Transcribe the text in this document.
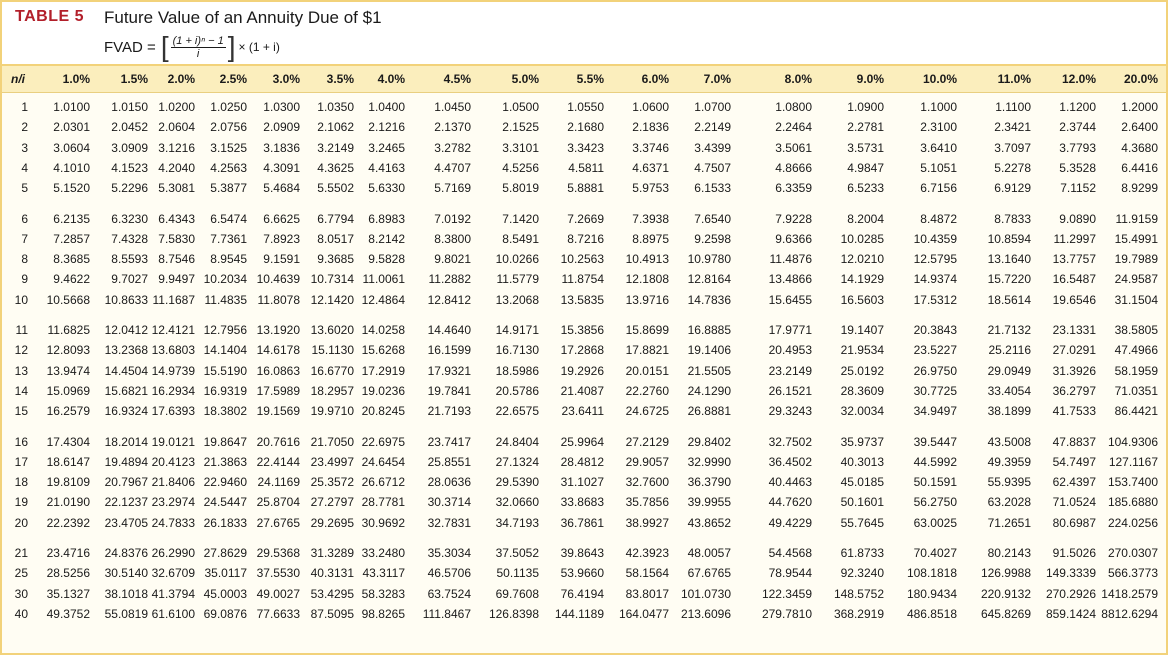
TABLE 5 Future Value of an Annuity Due of $1
FVAD = [ $\frac{\text{(1 + i)ⁿ − 1}}{i}$ ] × (1 + i)
n/i	1.0%	1.5% 2.0% 2.5% 3.0% 3.5% 4.0%	4.5%	5.0%	5.5%	6.0%	7.0%	8.0%	9.0%	10.0%	11.0%	12.0% 20.0%
1 1.0100 1.0150 1.0200 1.0250 1.0300 1.0350 1.0400 1.0450	1.0500 1.0550 1.0600 1.0700	1.0800	1.0900	1.1000	1.1100 1.1200 1.2000
2 2.0301 2.0452 2.0604 2.0756 2.0909 2.1062 2.1216 2.1370	2.1525 2.1680 2.1836 2.2149	2.2464	2.2781	2.3100	2.3421 2.3744 2.6400
3 3.0604 3.0909 3.1216 3.1525 3.1836 3.2149 3.2465 3.2782	3.3101 3.3423 3.3746 3.4399	3.5061	3.5731	3.6410	3.7097 3.7793 4.3680
4 4.1010 4.1523 4.2040 4.2563 4.3091 4.3625 4.4163 4.4707	4.5256 4.5811 4.6371 4.7507	4.8666	4.9847	5.1051	5.2278 5.3528 6.4416
5 5.1520 5.2296 5.3081 5.3877 5.4684 5.5502 5.6330 5.7169	5.8019 5.8881 5.9753 6.1533	6.3359	6.5233	6.7156	6.9129 7.1152 8.9299
6 6.2135 6.3230 6.4343 6.5474 6.6625 6.7794 6.8983 7.0192	7.1420 7.2669 7.3938 7.6540	7.9228	8.2004	8.4872	8.7833 9.0890 11.9159
7 7.2857 7.4328 7.5830 7.7361 7.8923 8.0517 8.2142 8.3800	8.5491 8.7216 8.8975 9.2598	9.6366 10.0285 10.4359	10.8594 11.2997 15.4991
8 8.3685 8.5593 8.7546 8.9545 9.1591 9.3685 9.5828 9.8021 10.0266 10.2563 10.4913 10.9780	11.4876 12.0210 12.5795	13.1640 13.7757 19.7989
9 9.4622 9.7027 9.9497 10.2034 10.4639 10.7314 11.0061 11.2882 11.5779 11.8754 12.1808 12.8164	13.4866 14.1929 14.9374	15.7220 16.5487 24.9587
10 10.5668 10.8633 11.1687 11.4835 11.8078 12.1420 12.4864 12.8412 13.2068 13.5835 13.9716 14.7836	15.6455 16.5603 17.5312	18.5614 19.6546 31.1504
11 11.6825 12.0412 12.4121 12.7956 13.1920 13.6020 14.0258 14.4640 14.9171 15.3856 15.8699 16.8885	17.9771 19.1407 20.3843	21.7132 23.1331 38.5805
12 12.8093 13.2368 13.6803 14.1404 14.6178 15.1130 15.6268 16.1599 16.7130 17.2868 17.8821 19.1406	20.4953 21.9534 23.5227	25.2116 27.0291 47.4966
13 13.9474 14.4504 14.9739 15.5190 16.0863 16.6770 17.2919 17.9321 18.5986 19.2926 20.0151 21.5505	23.2149 25.0192 26.9750	29.0949 31.3926 58.1959
14 15.0969 15.6821 16.2934 16.9319 17.5989 18.2957 19.0236 19.7841 20.5786 21.4087 22.2760 24.1290	26.1521 28.3609 30.7725	33.4054 36.2797 71.0351
15 16.2579 16.9324 17.6393 18.3802 19.1569 19.9710 20.8245 21.7193 22.6575 23.6411 24.6725 26.8881	29.3243 32.0034 34.9497	38.1899 41.7533 86.4421
16 17.4304 18.2014 19.0121 19.8647 20.7616 21.7050 22.6975 23.7417 24.8404 25.9964 27.2129 29.8402	32.7502 35.9737 39.5447	43.5008 47.8837 104.9306
17 18.6147 19.4894 20.4123 21.3863 22.4144 23.4997 24.6454 25.8551 27.1324 28.4812 29.9057 32.9990	36.4502 40.3013 44.5992	49.3959 54.7497 127.1167
18 19.8109 20.7967 21.8406 22.9460 24.1169 25.3572 26.6712 28.0636 29.5390 31.1027 32.7600 36.3790	40.4463 45.0185 50.1591	55.9395 62.4397 153.7400
19 21.0190 22.1237 23.2974 24.5447 25.8704 27.2797 28.7781 30.3714 32.0660 33.8683 35.7856 39.9955	44.7620 50.1601 56.2750	63.2028 71.0524 185.6880
20 22.2392 23.4705 24.7833 26.1833 27.6765 29.2695 30.9692 32.7831 34.7193 36.7861 38.9927 43.8652	49.4229 55.7645 63.0025	71.2651 80.6987 224.0256
21 23.4716 24.8376 26.2990 27.8629 29.5368 31.3289 33.2480 35.3034 37.5052 39.8643 42.3923 48.0057	54.4568 61.8733 70.4027	80.2143 91.5026 270.0307
25 28.5256 30.5140 32.6709 35.0117 37.5530 40.3131 43.3117 46.5706 50.1135 53.9660 58.1564 67.6765	78.9544 92.3240 108.1818 126.9988 149.3339 566.3773
30 35.1327 38.1018 41.3794 45.0003 49.0027 53.4295 58.3283 63.7524 69.7608 76.4194 83.8017 101.0730	122.3459 148.5752 180.9434 220.9132 270.2926 1418.2579
40 49.3752 55.0819 61.6100 69.0876 77.6633 87.5095 98.8265 111.8467 126.8398 144.1189 164.0477 213.6096	279.7810 368.2919 486.8518 645.8269 859.1424 8812.6294
